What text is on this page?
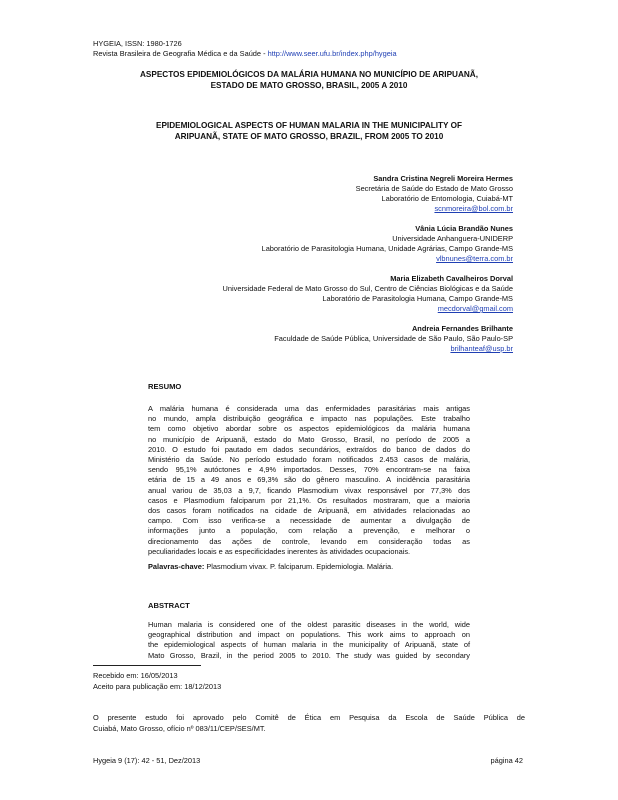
HYGEIA, ISSN: 1980-1726
Revista Brasileira de Geografia Médica e da Saúde - http://www.seer.ufu.br/index.php/hygeia
ASPECTOS EPIDEMIOLÓGICOS DA MALÁRIA HUMANA NO MUNICÍPIO DE ARIPUANÃ,
ESTADO DE MATO GROSSO, BRASIL, 2005 A 2010
EPIDEMIOLOGICAL ASPECTS OF HUMAN MALARIA IN THE MUNICIPALITY OF
ARIPUANÃ, STATE OF MATO GROSSO, BRAZIL, FROM 2005 TO 2010
Sandra Cristina Negreli Moreira Hermes
Secretária de Saúde do Estado de Mato Grosso
Laboratório de Entomologia, Cuiabá-MT
scnmoreira@bol.com.br
Vânia Lúcia Brandão Nunes
Universidade Anhanguera-UNIDERP
Laboratório de Parasitologia Humana, Unidade Agrárias, Campo Grande-MS
vlbnunes@terra.com.br
Maria Elizabeth Cavalheiros Dorval
Universidade Federal de Mato Grosso do Sul, Centro de Ciências Biológicas e da Saúde
Laboratório de Parasitologia Humana, Campo Grande-MS
mecdorval@gmail.com
Andreia Fernandes Brilhante
Faculdade de Saúde Pública, Universidade de São Paulo, São Paulo-SP
brilhanteaf@usp.br
RESUMO
A malária humana é considerada uma das enfermidades parasitárias mais antigas
no mundo, ampla distribuição geográfica e impacto nas populações. Este trabalho
tem como objetivo abordar sobre os aspectos epidemiológicos da malária humana
no município de Aripuanã, estado do Mato Grosso, Brasil, no período de 2005 a
2010. O estudo foi pautado em dados secundários, extraídos do banco de dados do
Ministério da Saúde. No período estudado foram notificados 2.453 casos de malária,
sendo 95,1% autóctones e 4,9% importados. Desses, 70% encontram-se na faixa
etária de 15 a 49 anos e 69,3% são do gênero masculino. A incidência parasitária
anual variou de 35,03 a 9,7, ficando Plasmodium vivax responsável por 77,3% dos
casos e Plasmodium falciparum por 21,1%. Os resultados mostraram, que a maioria
dos casos foram notificados na cidade de Aripuanã, em atividades relacionadas ao
campo. Com isso verifica-se a necessidade de aumentar a divulgação de
informações junto a população, com relação a prevenção, e melhorar o
direcionamento das ações de controle, levando em consideração todas as
peculiaridades locais e as especificidades inerentes às atividades ocupacionais.
Palavras-chave: Plasmodium vivax. P. falciparum. Epidemiologia. Malária.
ABSTRACT
Human malaria is considered one of the oldest parasitic diseases in the world, wide
geographical distribution and impact on populations. This work aims to approach on
the epidemiological aspects of human malaria in the municipality of Aripuanã, state of
Mato Grosso, Brazil, in the period 2005 to 2010. The study was guided by secondary
Recebido em: 16/05/2013
Aceito para publicação em: 18/12/2013
O presente estudo foi aprovado pelo Comitê de Ética em Pesquisa da Escola de Saúde Pública de
Cuiabá, Mato Grosso, ofício nº 083/11/CEP/SES/MT.
Hygeia 9 (17): 42 - 51, Dez/2013	página 42
